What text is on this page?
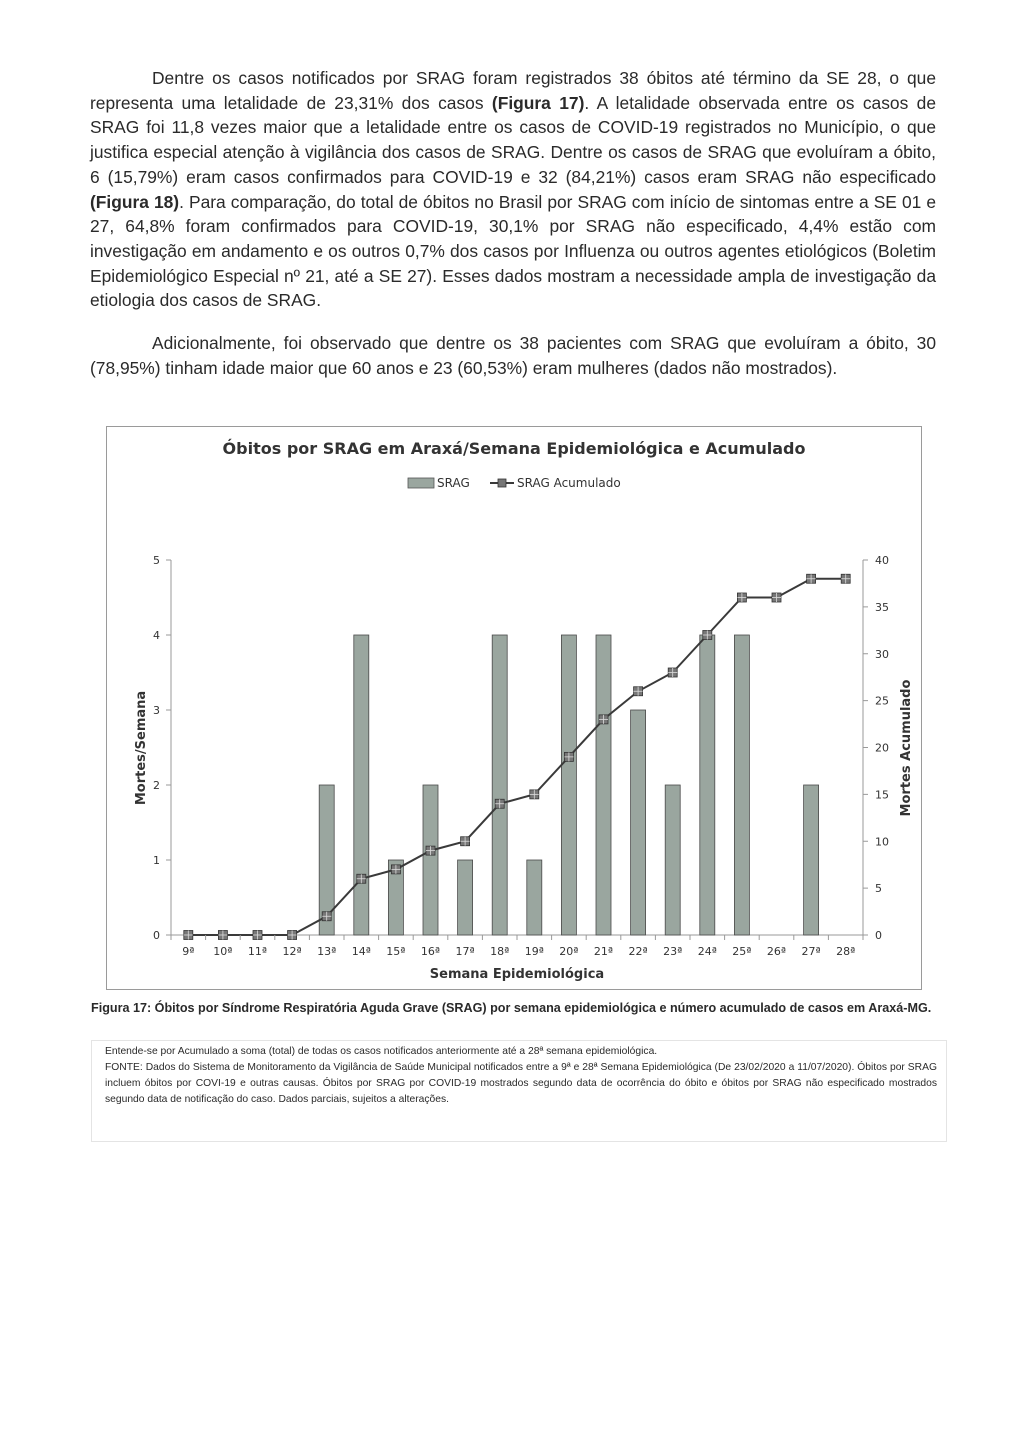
Dentre os casos notificados por SRAG foram registrados 38 óbitos até término da SE 28, o que representa uma letalidade de 23,31% dos casos (Figura 17). A letalidade observada entre os casos de SRAG foi 11,8 vezes maior que a letalidade entre os casos de COVID-19 registrados no Município, o que justifica especial atenção à vigilância dos casos de SRAG. Dentre os casos de SRAG que evoluíram a óbito, 6 (15,79%) eram casos confirmados para COVID-19 e 32 (84,21%) casos eram SRAG não especificado (Figura 18). Para comparação, do total de óbitos no Brasil por SRAG com início de sintomas entre a SE 01 e 27, 64,8% foram confirmados para COVID-19, 30,1% por SRAG não especificado, 4,4% estão com investigação em andamento e os outros 0,7% dos casos por Influenza ou outros agentes etiológicos (Boletim Epidemiológico Especial nº 21, até a SE 27). Esses dados mostram a necessidade ampla de investigação da etiologia dos casos de SRAG.

Adicionalmente, foi observado que dentre os 38 pacientes com SRAG que evoluíram a óbito, 30 (78,95%) tinham idade maior que 60 anos e 23 (60,53%) eram mulheres (dados não mostrados).

Óbitos por SRAG em Araxá/Semana Epidemiológica e Acumulado
SRAG	SRAG Acumulado
0
1
2
3
4
5
0
5
10
15
20
25
30
35
40
9ª 10ª 11ª 12ª 13ª 14ª 15ª 16ª 17ª 18ª 19ª 20ª 21ª 22ª 23ª 24ª 25ª 26ª 27ª 28ª
Mortes/Semana	Mortes Acumulado
Semana Epidemiológica

Figura 17: Óbitos por Síndrome Respiratória Aguda Grave (SRAG) por semana epidemiológica e número acumulado de casos em Araxá-MG.

Entende-se por Acumulado a soma (total) de todas os casos notificados anteriormente até a 28ª semana epidemiológica.

FONTE: Dados do Sistema de Monitoramento da Vigilância de Saúde Municipal notificados entre a 9ª e 28ª Semana Epidemiológica (De 23/02/2020 a 11/07/2020). Óbitos por SRAG incluem óbitos por COVI-19 e outras causas. Óbitos por SRAG por COVID-19 mostrados segundo data de ocorrência do óbito e óbitos por SRAG não especificado mostrados segundo data de notificação do caso. Dados parciais, sujeitos a alterações.
